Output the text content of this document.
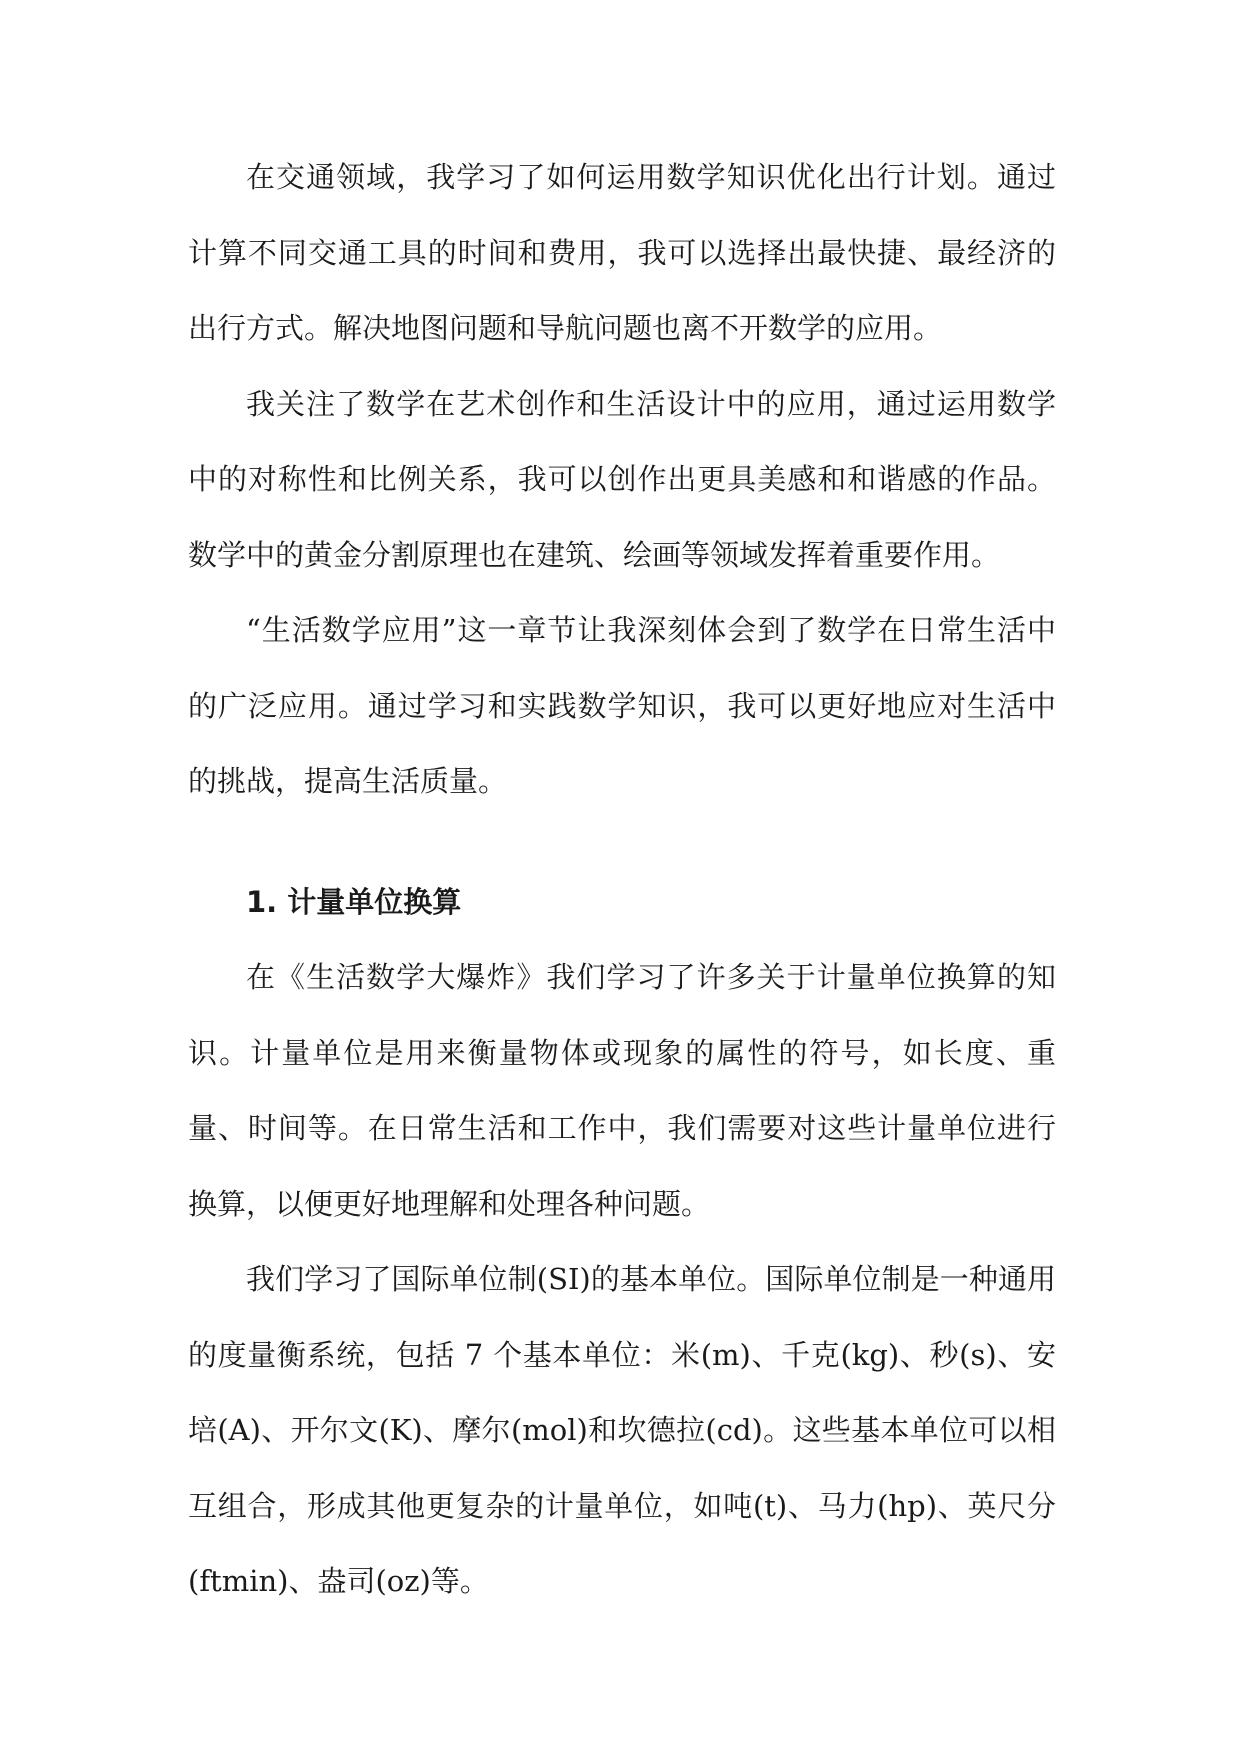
在交通领域，我学习了如何运用数学知识优化出行计划。通过计算不同交通工具的时间和费用，我可以选择出最快捷、最经济的出行方式。解决地图问题和导航问题也离不开数学的应用。

我关注了数学在艺术创作和生活设计中的应用，通过运用数学中的对称性和比例关系，我可以创作出更具美感和和谐感的作品。数学中的黄金分割原理也在建筑、绘画等领域发挥着重要作用。

“生活数学应用”这一章节让我深刻体会到了数学在日常生活中的广泛应用。通过学习和实践数学知识，我可以更好地应对生活中的挑战，提高生活质量。

1. 计量单位换算

在《生活数学大爆炸》我们学习了许多关于计量单位换算的知识。计量单位是用来衡量物体或现象的属性的符号，如长度、重量、时间等。在日常生活和工作中，我们需要对这些计量单位进行换算，以便更好地理解和处理各种问题。

我们学习了国际单位制(SI)的基本单位。国际单位制是一种通用的度量衡系统，包括 7 个基本单位：米(m)、千克(kg)、秒(s)、安培(A)、开尔文(K)、摩尔(mol)和坎德拉(cd)。这些基本单位可以相互组合，形成其他更复杂的计量单位，如吨(t)、马力(hp)、英尺分(ftmin)、盎司(oz)等。
